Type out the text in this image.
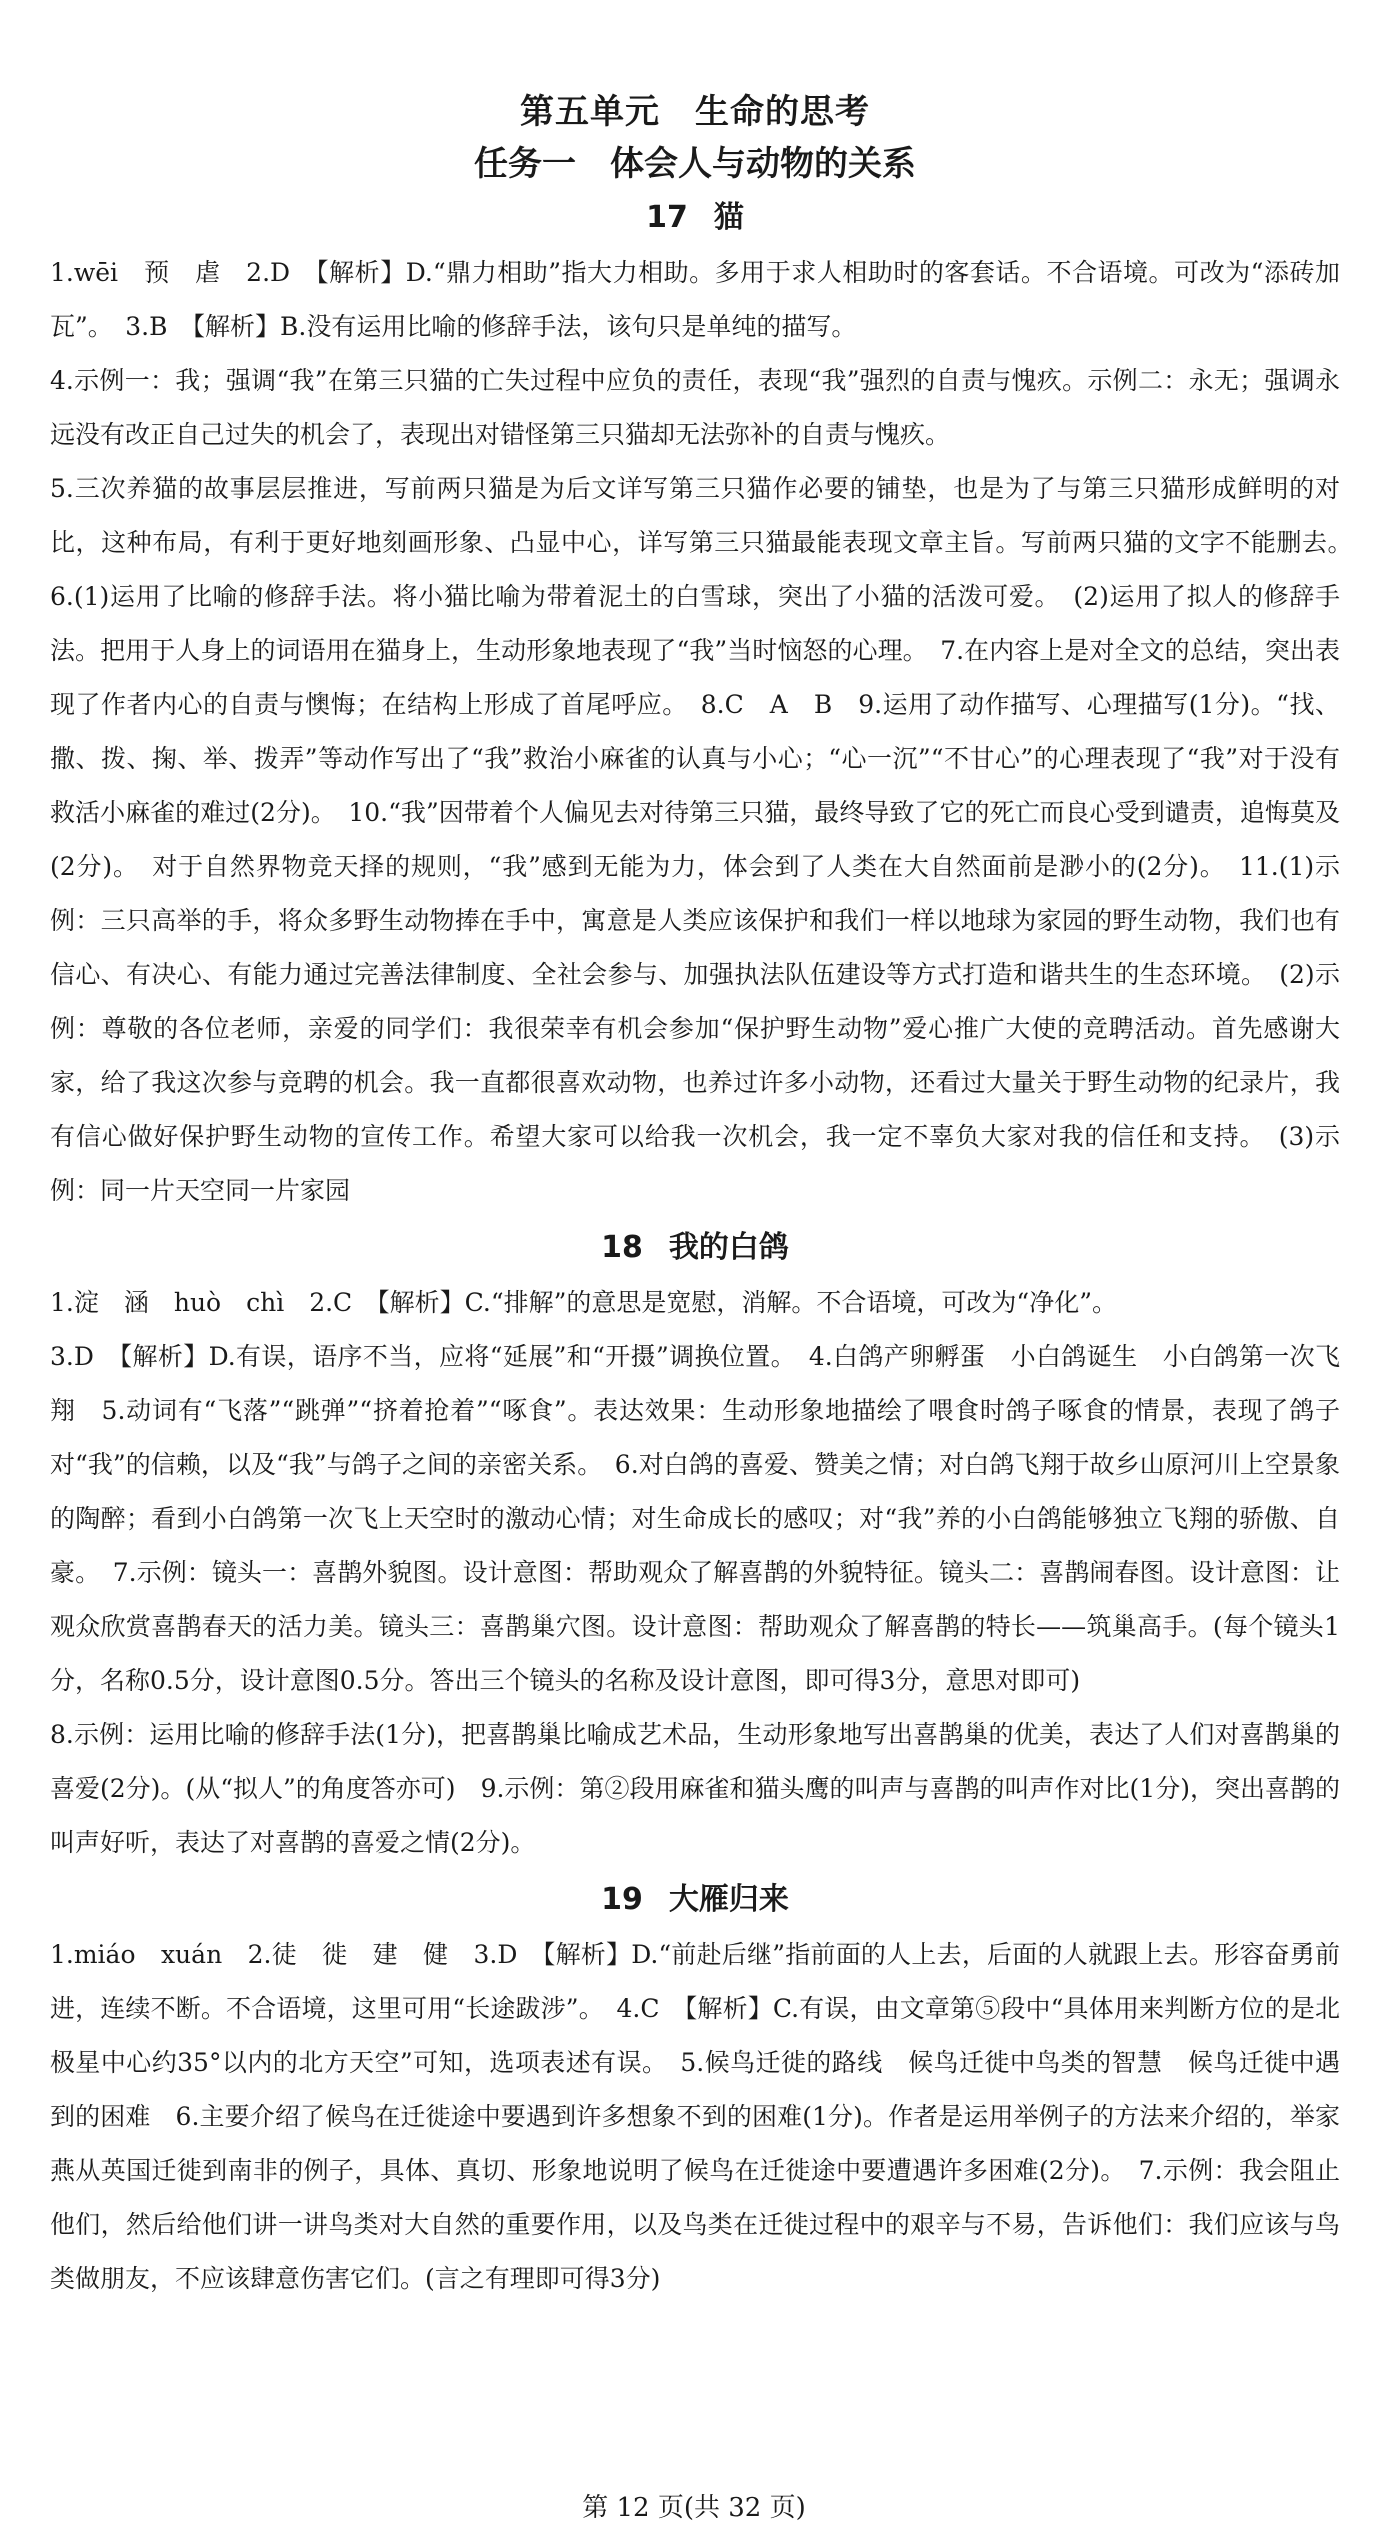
第五单元　生命的思考
任务一　体会人与动物的关系
17 猫

1.wēi　预　虐　2.D　【解析】D.“鼎力相助”指大力相助。多用于求人相助时的客套话。不合语境。可改为“添砖加瓦”。　3.B　【解析】B.没有运用比喻的修辞手法，该句只是单纯的描写。

4.示例一：我；强调“我”在第三只猫的亡失过程中应负的责任，表现“我”强烈的自责与愧疚。示例二：永无；强调永远没有改正自己过失的机会了，表现出对错怪第三只猫却无法弥补的自责与愧疚。

5.三次养猫的故事层层推进，写前两只猫是为后文详写第三只猫作必要的铺垫，也是为了与第三只猫形成鲜明的对比，这种布局，有利于更好地刻画形象、凸显中心，详写第三只猫最能表现文章主旨。写前两只猫的文字不能删去。　6.(1)运用了比喻的修辞手法。将小猫比喻为带着泥土的白雪球，突出了小猫的活泼可爱。　(2)运用了拟人的修辞手法。把用于人身上的词语用在猫身上，生动形象地表现了“我”当时恼怒的心理。　7.在内容上是对全文的总结，突出表现了作者内心的自责与懊悔；在结构上形成了首尾呼应。　8.C　A　B　9.运用了动作描写、心理描写(1分)。“找、撒、拨、掬、举、拨弄”等动作写出了“我”救治小麻雀的认真与小心；“心一沉”“不甘心”的心理表现了“我”对于没有救活小麻雀的难过(2分)。　10.“我”因带着个人偏见去对待第三只猫，最终导致了它的死亡而良心受到谴责，追悔莫及(2分)。　对于自然界物竞天择的规则，“我”感到无能为力，体会到了人类在大自然面前是渺小的(2分)。　11.(1)示例：三只高举的手，将众多野生动物捧在手中，寓意是人类应该保护和我们一样以地球为家园的野生动物，我们也有信心、有决心、有能力通过完善法律制度、全社会参与、加强执法队伍建设等方式打造和谐共生的生态环境。　(2)示例：尊敬的各位老师，亲爱的同学们：我很荣幸有机会参加“保护野生动物”爱心推广大使的竞聘活动。首先感谢大家，给了我这次参与竞聘的机会。我一直都很喜欢动物，也养过许多小动物，还看过大量关于野生动物的纪录片，我有信心做好保护野生动物的宣传工作。希望大家可以给我一次机会，我一定不辜负大家对我的信任和支持。　(3)示例：同一片天空同一片家园

18 我的白鸽

1.淀　涵　huò　chì　2.C　【解析】C.“排解”的意思是宽慰，消解。不合语境，可改为“净化”。

3.D　【解析】D.有误，语序不当，应将“延展”和“开摄”调换位置。　4.白鸽产卵孵蛋　小白鸽诞生　小白鸽第一次飞翔　5.动词有“飞落”“跳弹”“挤着抢着”“啄食”。表达效果：生动形象地描绘了喂食时鸽子啄食的情景，表现了鸽子对“我”的信赖，以及“我”与鸽子之间的亲密关系。　6.对白鸽的喜爱、赞美之情；对白鸽飞翔于故乡山原河川上空景象的陶醉；看到小白鸽第一次飞上天空时的激动心情；对生命成长的感叹；对“我”养的小白鸽能够独立飞翔的骄傲、自豪。　7.示例：镜头一：喜鹊外貌图。设计意图：帮助观众了解喜鹊的外貌特征。镜头二：喜鹊闹春图。设计意图：让观众欣赏喜鹊春天的活力美。镜头三：喜鹊巢穴图。设计意图：帮助观众了解喜鹊的特长——筑巢高手。(每个镜头1分，名称0.5分，设计意图0.5分。答出三个镜头的名称及设计意图，即可得3分，意思对即可)

8.示例：运用比喻的修辞手法(1分)，把喜鹊巢比喻成艺术品，生动形象地写出喜鹊巢的优美，表达了人们对喜鹊巢的喜爱(2分)。(从“拟人”的角度答亦可)　9.示例：第②段用麻雀和猫头鹰的叫声与喜鹊的叫声作对比(1分)，突出喜鹊的叫声好听，表达了对喜鹊的喜爱之情(2分)。

19 大雁归来

1.miáo　xuán　2.徒　徙　建　健　3.D　【解析】D.“前赴后继”指前面的人上去，后面的人就跟上去。形容奋勇前进，连续不断。不合语境，这里可用“长途跋涉”。　4.C　【解析】C.有误，由文章第⑤段中“具体用来判断方位的是北极星中心约35°以内的北方天空”可知，选项表述有误。　5.候鸟迁徙的路线　候鸟迁徙中鸟类的智慧　候鸟迁徙中遇到的困难　6.主要介绍了候鸟在迁徙途中要遇到许多想象不到的困难(1分)。作者是运用举例子的方法来介绍的，举家燕从英国迁徙到南非的例子，具体、真切、形象地说明了候鸟在迁徙途中要遭遇许多困难(2分)。　7.示例：我会阻止他们，然后给他们讲一讲鸟类对大自然的重要作用，以及鸟类在迁徙过程中的艰辛与不易，告诉他们：我们应该与鸟类做朋友，不应该肆意伤害它们。(言之有理即可得3分)

第 12 页(共 32 页)
